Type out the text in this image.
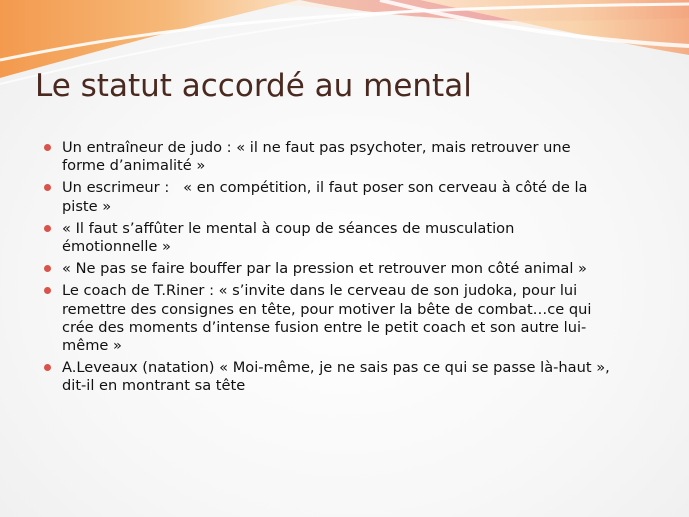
Le statut accordé au mental
Un entraîneur de judo : « il ne faut pas psychoter, mais retrouver une forme d’animalité »
Un escrimeur :   « en compétition, il faut poser son cerveau à côté de la piste »
« Il faut s’affûter le mental à coup de séances de musculation émotionnelle »
« Ne pas se faire bouffer par la pression et retrouver mon côté animal »
Le coach de T.Riner : « s’invite dans le cerveau de son judoka, pour lui remettre des consignes en tête, pour motiver la bête de combat…ce qui crée des moments d’intense fusion entre le petit coach et son autre lui-même »
A.Leveaux (natation) « Moi-même, je ne sais pas ce qui se passe là-haut », dit-il en montrant sa tête
